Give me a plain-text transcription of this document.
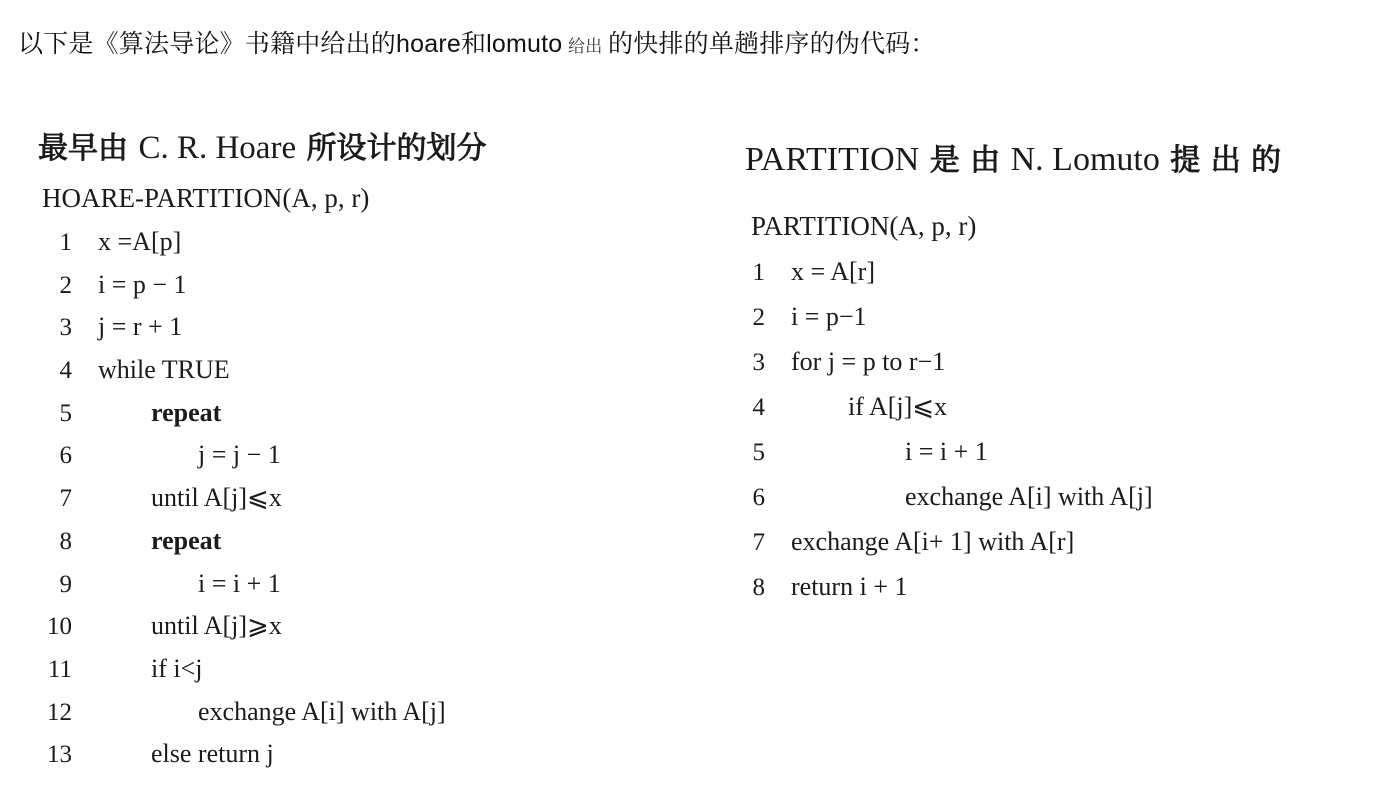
以下是《算法导论》书籍中给出的hoare和lomuto 给出 的快排的单趟排序的伪代码：
最早由 C. R. Hoare 所设计的划分
HOARE-PARTITION(A, p, r)
1 x =A[p]
2 i = p − 1
3 j = r + 1
4 while TRUE
5	repeat
6	j = j − 1
7	until A[j]⩽x
8	repeat
9	i = i + 1
10	until A[j]⩾x
11	if i<j
12	exchange A[i] with A[j]
13	else return j
PARTITION 是 由 N. Lomuto 提 出 的
PARTITION(A, p, r)
1 x = A[r]
2 i = p−1
3 for j = p to r−1
4	if A[j]⩽x
5	i = i + 1
6	exchange A[i] with A[j]
7 exchange A[i+ 1] with A[r]
8 return i + 1
